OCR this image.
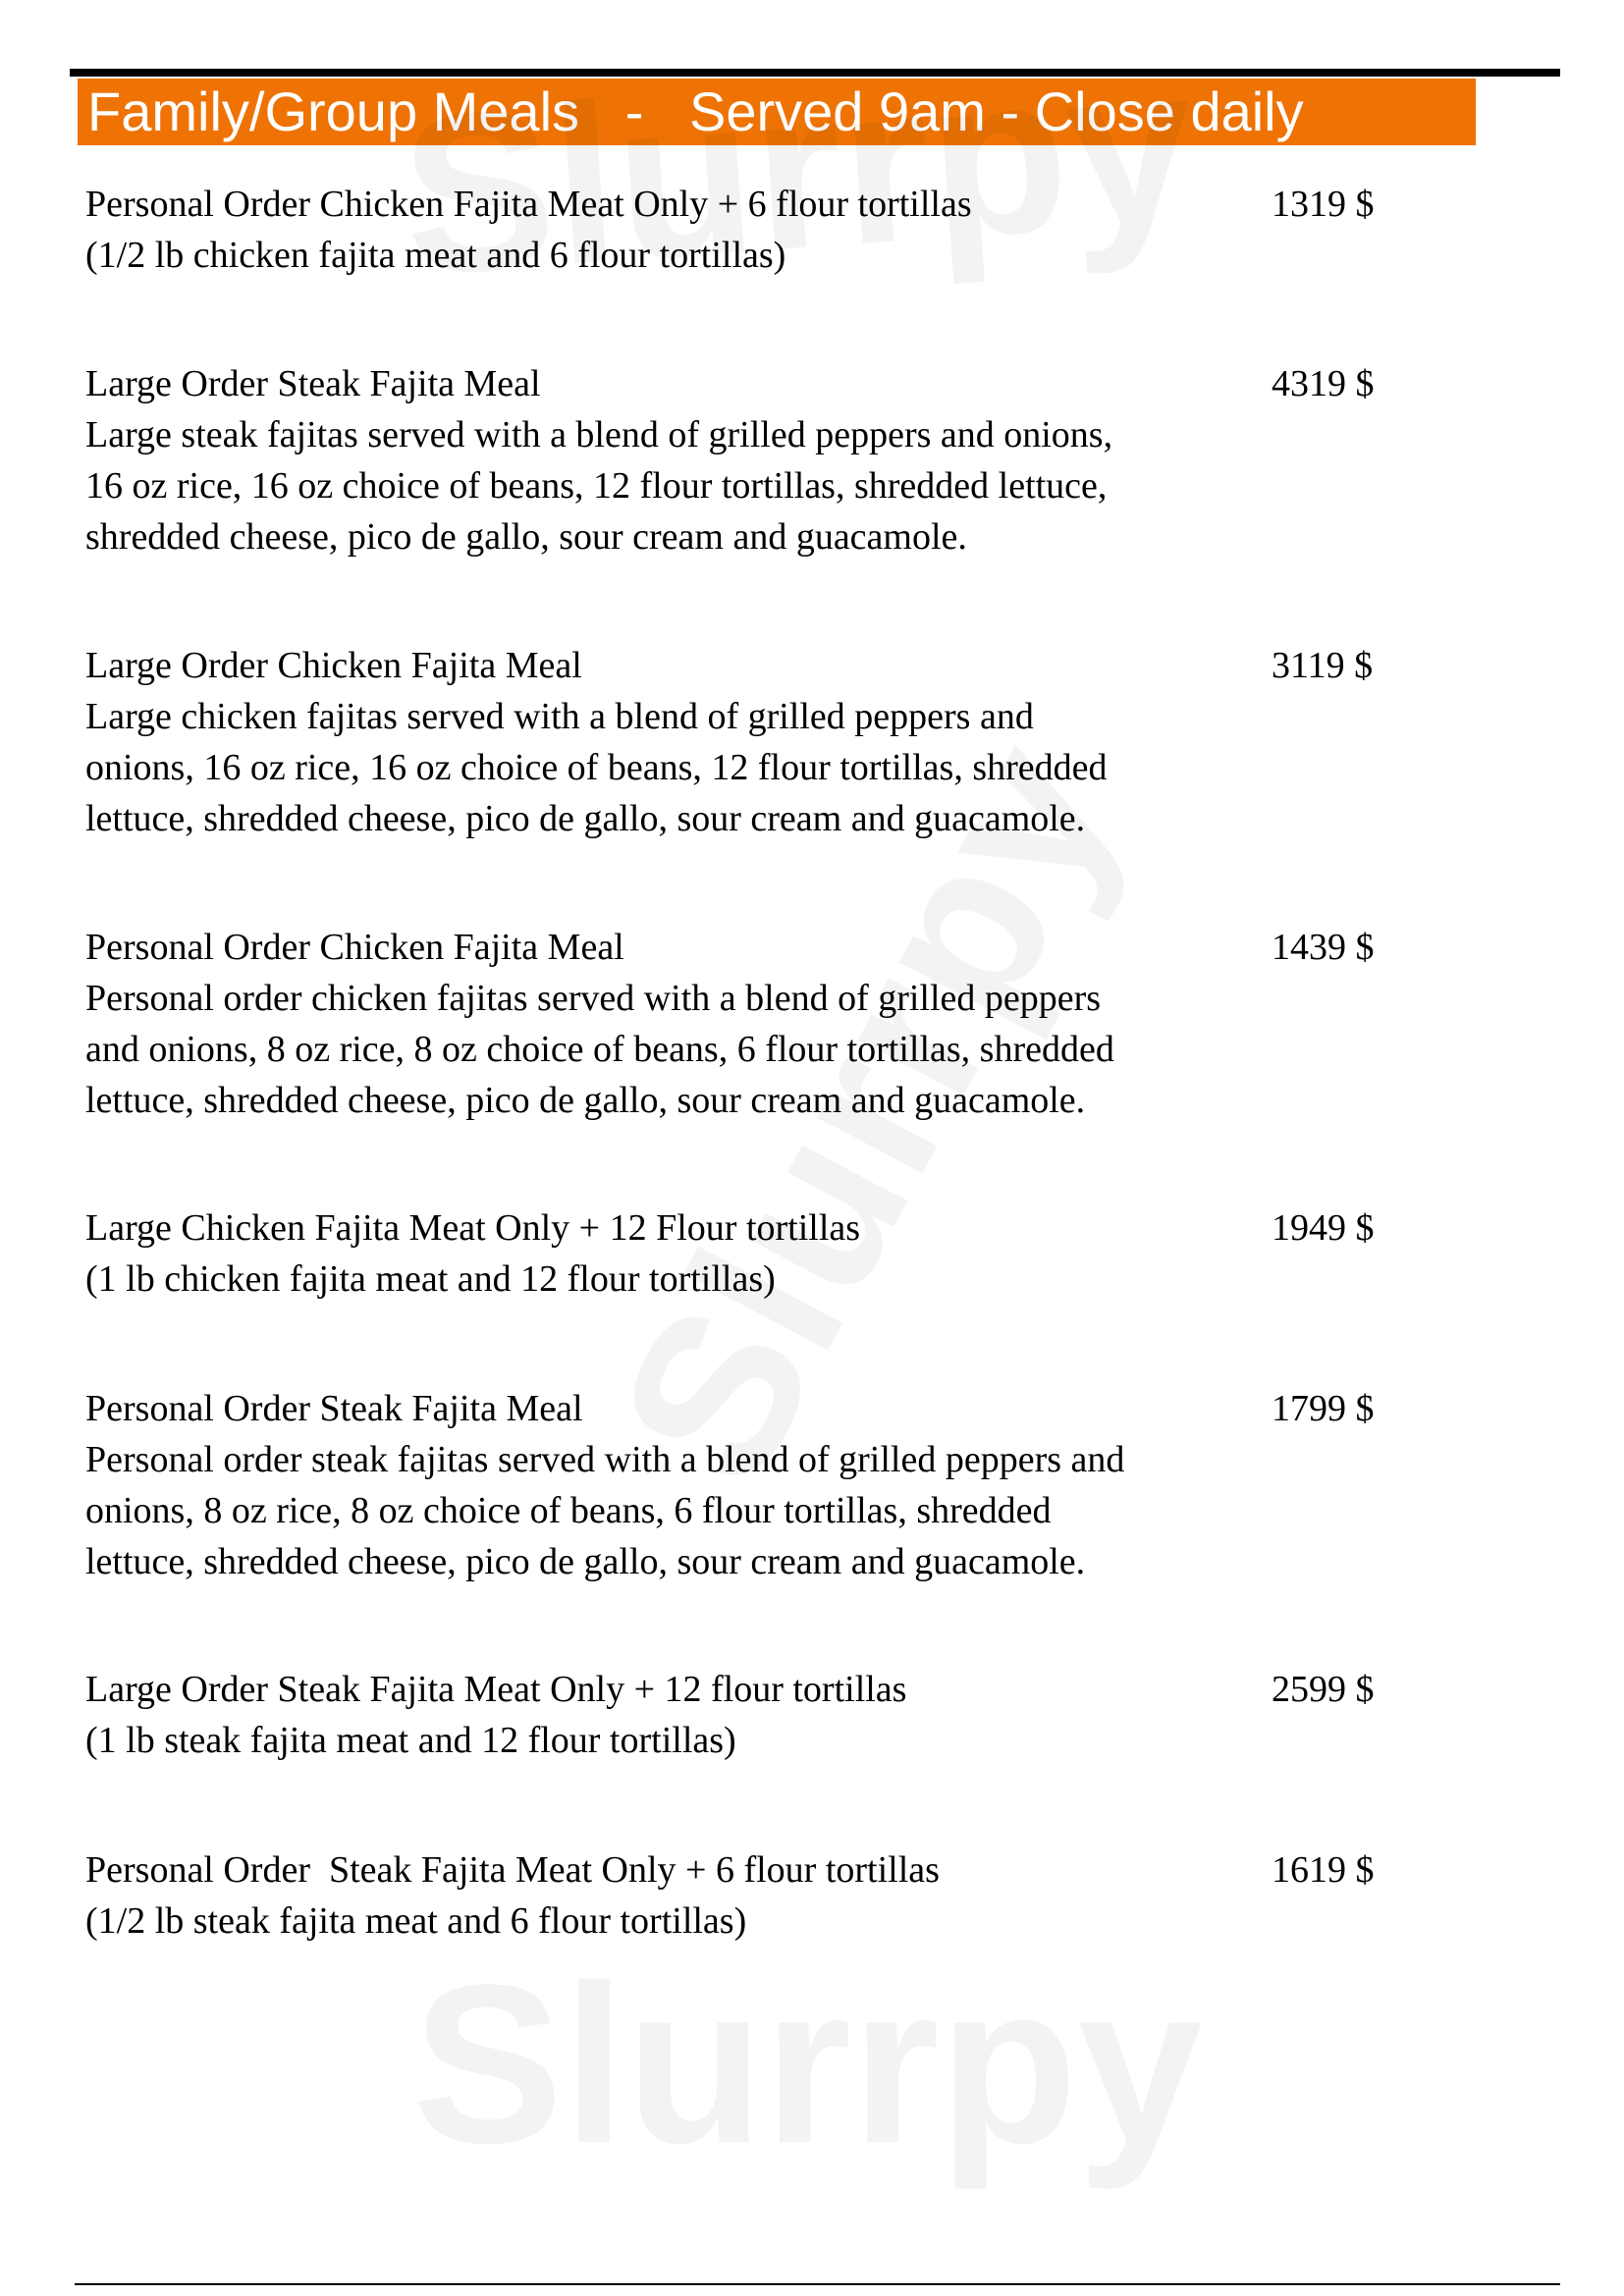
Family/Group Meals   -   Served 9am - Close daily
Personal Order Chicken Fajita Meat Only + 6 flour tortillas
(1/2 lb chicken fajita meat and 6 flour tortillas)
1319 $
Large Order Steak Fajita Meal
Large steak fajitas served with a blend of grilled peppers and onions,
16 oz rice, 16 oz choice of beans, 12 flour tortillas, shredded lettuce,
shredded cheese, pico de gallo, sour cream and guacamole.
4319 $
Large Order Chicken Fajita Meal
Large chicken fajitas served with a blend of grilled peppers and
onions, 16 oz rice, 16 oz choice of beans, 12 flour tortillas, shredded
lettuce, shredded cheese, pico de gallo, sour cream and guacamole.
3119 $
Personal Order Chicken Fajita Meal
Personal order chicken fajitas served with a blend of grilled peppers
and onions, 8 oz rice, 8 oz choice of beans, 6 flour tortillas, shredded
lettuce, shredded cheese, pico de gallo, sour cream and guacamole.
1439 $
Large Chicken Fajita Meat Only + 12 Flour tortillas
(1 lb chicken fajita meat and 12 flour tortillas)
1949 $
Personal Order Steak Fajita Meal
Personal order steak fajitas served with a blend of grilled peppers and
onions, 8 oz rice, 8 oz choice of beans, 6 flour tortillas, shredded
lettuce, shredded cheese, pico de gallo, sour cream and guacamole.
1799 $
Large Order Steak Fajita Meat Only + 12 flour tortillas
(1 lb steak fajita meat and 12 flour tortillas)
2599 $
Personal Order  Steak Fajita Meat Only + 6 flour tortillas
(1/2 lb steak fajita meat and 6 flour tortillas)
1619 $
